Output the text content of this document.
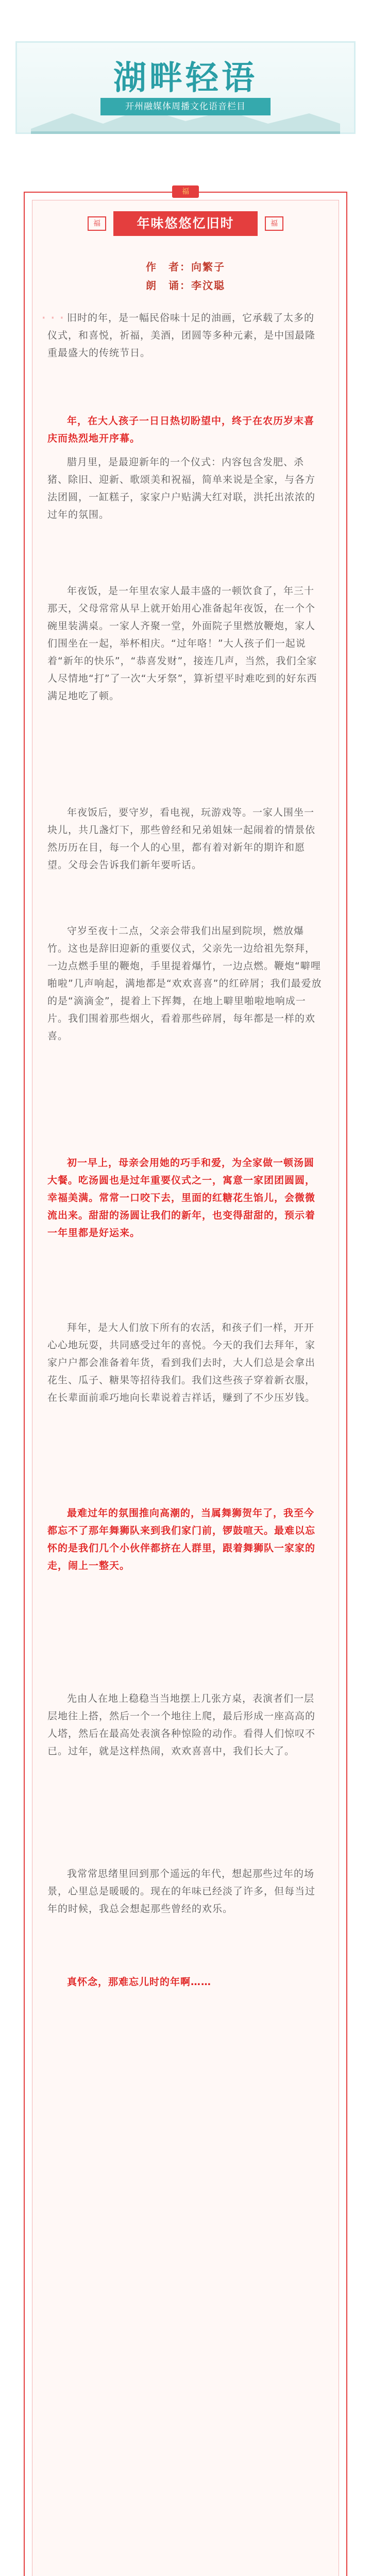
湖畔轻语
开州融媒体周播文化语音栏目
福
福	年味悠悠忆旧时	福
作　者：向繁子
朗　诵：李汶聪
旧时的年，是一幅民俗味十足的油画，它承载了太多的仪式，和喜悦，祈福，美酒，团圆等多种元素，是中国最隆重最盛大的传统节日。
年，在大人孩子一日日热切盼望中，终于在农历岁末喜庆而热烈地开序幕。
腊月里，是最迎新年的一个仪式：内容包含发肥、杀猪、除旧、迎新、歌颂美和祝福，简单来说是全家，与各方法团圆，一缸糕子，家家户户贴满大红对联，洪托出浓浓的过年的氛围。
年夜饭，是一年里农家人最丰盛的一顿饮食了，年三十那天，父母常常从早上就开始用心准备起年夜饭，在一个个碗里装满桌。一家人齐聚一堂，外面院子里燃放鞭炮，家人们围坐在一起，举杯相庆。“过年咯！”大人孩子们一起说着“新年的快乐”，“恭喜发财”，接连几声，当然，我们全家人尽情地“打”了一次“大牙祭”，算祈望平时难吃到的好东西满足地吃了顿。
年夜饭后，要守岁，看电视，玩游戏等。一家人围坐一块儿，共几盏灯下，那些曾经和兄弟姐妹一起闹着的情景依然历历在目，每一个人的心里，都有着对新年的期许和愿望。父母会告诉我们新年要听话。
守岁至夜十二点，父亲会带我们出屋到院坝，燃放爆竹。这也是辞旧迎新的重要仪式，父亲先一边给祖先祭拜，一边点燃手里的鞭炮，手里提着爆竹，一边点燃。鞭炮“噼哩啪啦”几声响起，满地都是“欢欢喜喜”的红碎屑；我们最爱放的是“滴滴金”，提着上下挥舞，在地上噼里啪啦地响成一片。我们围着那些烟火，看着那些碎屑，每年都是一样的欢喜。
初一早上，母亲会用她的巧手和爱，为全家做一顿汤圆大餐。吃汤圆也是过年重要仪式之一，寓意一家团团圆圆，幸福美满。常常一口咬下去，里面的红糖花生馅儿，会微微流出来。甜甜的汤圆让我们的新年，也变得甜甜的，预示着一年里都是好运来。
拜年，是大人们放下所有的农活，和孩子们一样，开开心心地玩耍，共同感受过年的喜悦。今天的我们去拜年，家家户户都会准备着年货，看到我们去时，大人们总是会拿出花生、瓜子、糖果等招待我们。我们这些孩子穿着新衣服，在长辈面前乖巧地向长辈说着吉祥话，赚到了不少压岁钱。
最难过年的氛围推向高潮的，当属舞狮贺年了，我至今都忘不了那年舞狮队来到我们家门前，锣鼓喧天。最难以忘怀的是我们几个小伙伴都挤在人群里，跟着舞狮队一家家的走，闹上一整天。
先由人在地上稳稳当当地摆上几张方桌，表演者们一层层地往上搭，然后一个一个地往上爬，最后形成一座高高的人塔，然后在最高处表演各种惊险的动作。看得人们惊叹不已。过年，就是这样热闹，欢欢喜喜中，我们长大了。
我常常思绪里回到那个遥远的年代，想起那些过年的场景，心里总是暖暖的。现在的年味已经淡了许多，但每当过年的时候，我总会想起那些曾经的欢乐。
真怀念，那难忘儿时的年啊……
···
